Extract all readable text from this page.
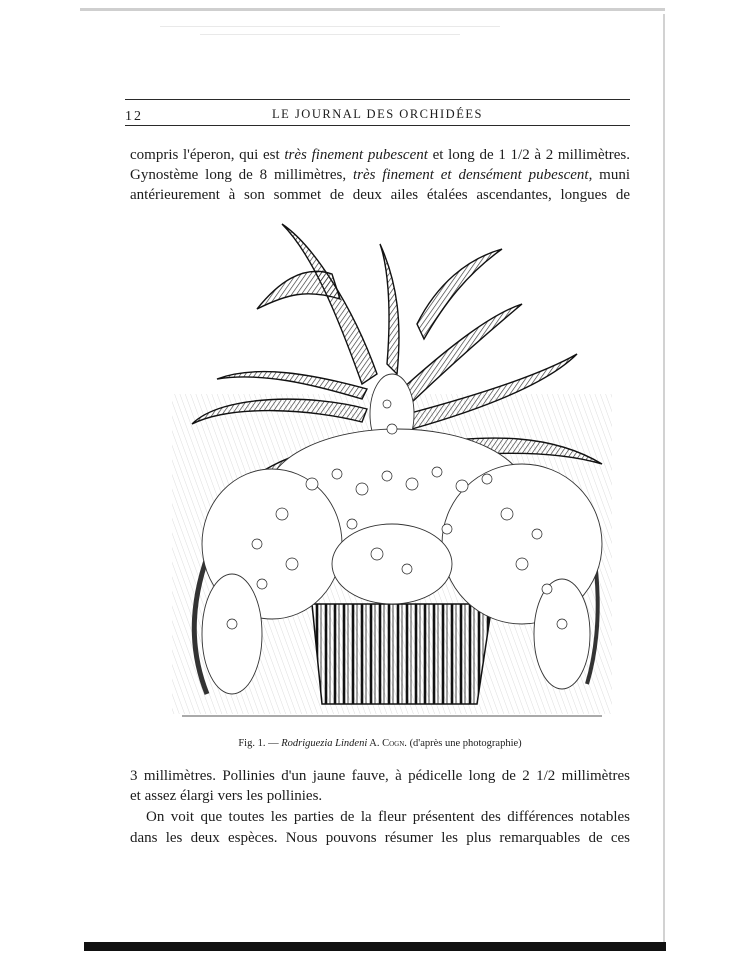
12	LE JOURNAL DES ORCHIDÉES
compris l'éperon, qui est très finement pubescent et long de 1 1/2 à 2 millimètres.
Gynostème long de 8 millimètres, très finement et densément pubescent, muni
antérieurement à son sommet de deux ailes étalées ascendantes, longues de
Fig. 1. — Rodriguezia Lindeni A. Cogn. (d'après une photographie)
3 millimètres. Pollinies d'un jaune fauve, à pédicelle long de 2 1/2 millimètres
et assez élargi vers les pollinies.
On voit que toutes les parties de la fleur présentent des différences notables
dans les deux espèces. Nous pouvons résumer les plus remarquables de ces
